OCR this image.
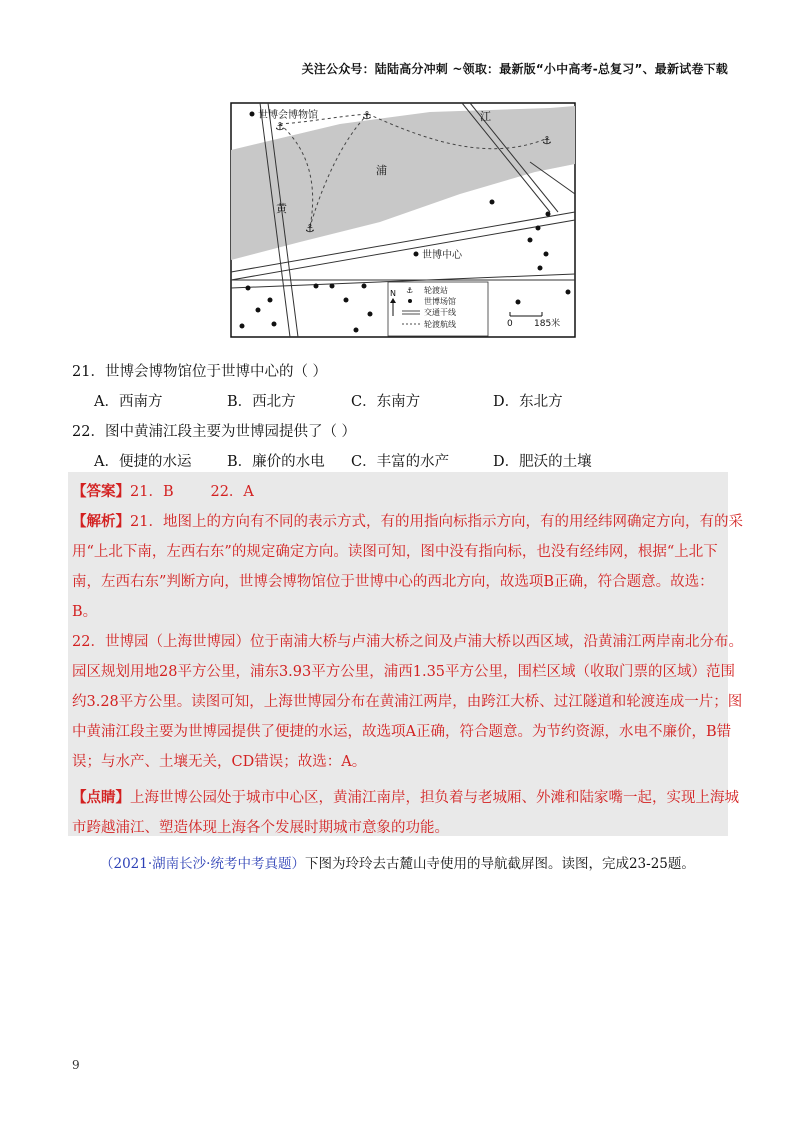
关注公众号：陆陆高分冲刺 ~领取：最新版“小中高考-总复习”、最新试卷下载
⚓
⚓
⚓
⚓
世博会博物馆
世博中心
黄
浦
江
N ⚓ 轮渡站
世博场馆
交通干线
轮渡航线	0 185米
21．世博会博物馆位于世博中心的（ ）
A．西南方	B．西北方	C．东南方	D．东北方
22．图中黄浦江段主要为世博园提供了（ ）
A．便捷的水运 B．廉价的水电 C．丰富的水产	D．肥沃的土壤
【答案】21．B        22．A
【解析】21．地图上的方向有不同的表示方式，有的用指向标指示方向，有的用经纬网确定方向，有的采
用“上北下南，左西右东”的规定确定方向。读图可知，图中没有指向标，也没有经纬网，根据“上北下
南，左西右东”判断方向，世博会博物馆位于世博中心的西北方向，故选项B正确，符合题意。故选：
B。
22．世博园（上海世博园）位于南浦大桥与卢浦大桥之间及卢浦大桥以西区域，沿黄浦江两岸南北分布。
园区规划用地28平方公里，浦东3.93平方公里，浦西1.35平方公里，围栏区域（收取门票的区域）范围
约3.28平方公里。读图可知，上海世博园分布在黄浦江两岸，由跨江大桥、过江隧道和轮渡连成一片；图
中黄浦江段主要为世博园提供了便捷的水运，故选项A正确，符合题意。为节约资源，水电不廉价，B错
误；与水产、土壤无关，CD错误；故选：A。
【点睛】上海世博公园处于城市中心区，黄浦江南岸，担负着与老城厢、外滩和陆家嘴一起，实现上海城
市跨越浦江、塑造体现上海各个发展时期城市意象的功能。
（2021·湖南长沙·统考中考真题）下图为玲玲去古麓山寺使用的导航截屏图。读图，完成23-25题。
9
